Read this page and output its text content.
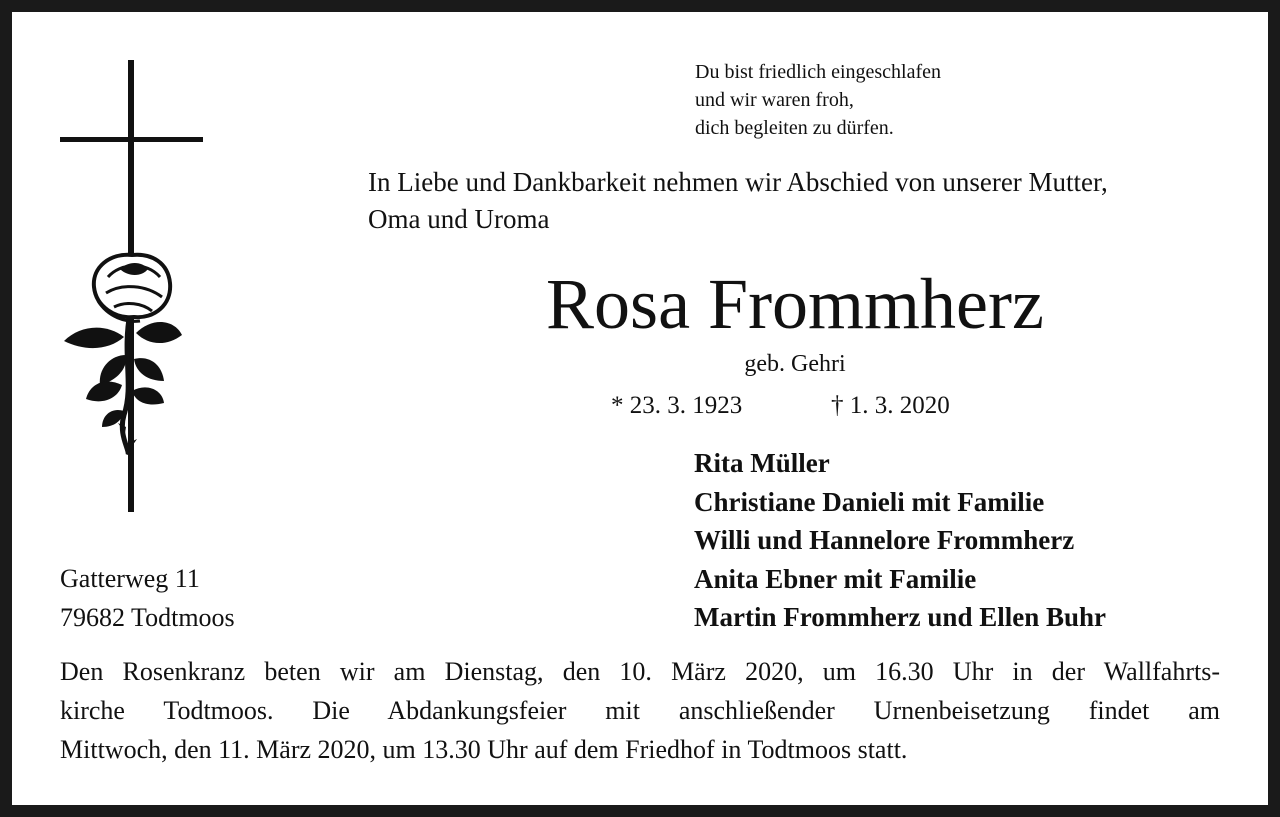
Du bist friedlich eingeschlafen
und wir waren froh,
dich begleiten zu dürfen.
In Liebe und Dankbarkeit nehmen wir Abschied von unserer Mutter,
Oma und Uroma
Rosa Frommherz
geb. Gehri
* 23. 3. 1923	† 1. 3. 2020
Rita Müller
Christiane Danieli mit Familie
Willi und Hannelore Frommherz
Anita Ebner mit Familie
Martin Frommherz und Ellen Buhr
Gatterweg 11
79682 Todtmoos
Den Rosenkranz beten wir am Dienstag, den 10. März 2020, um 16.30 Uhr in der Wallfahrts-
kirche Todtmoos. Die Abdankungsfeier mit anschließender Urnenbeisetzung findet am
Mittwoch, den 11. März 2020, um 13.30 Uhr auf dem Friedhof in Todtmoos statt.
